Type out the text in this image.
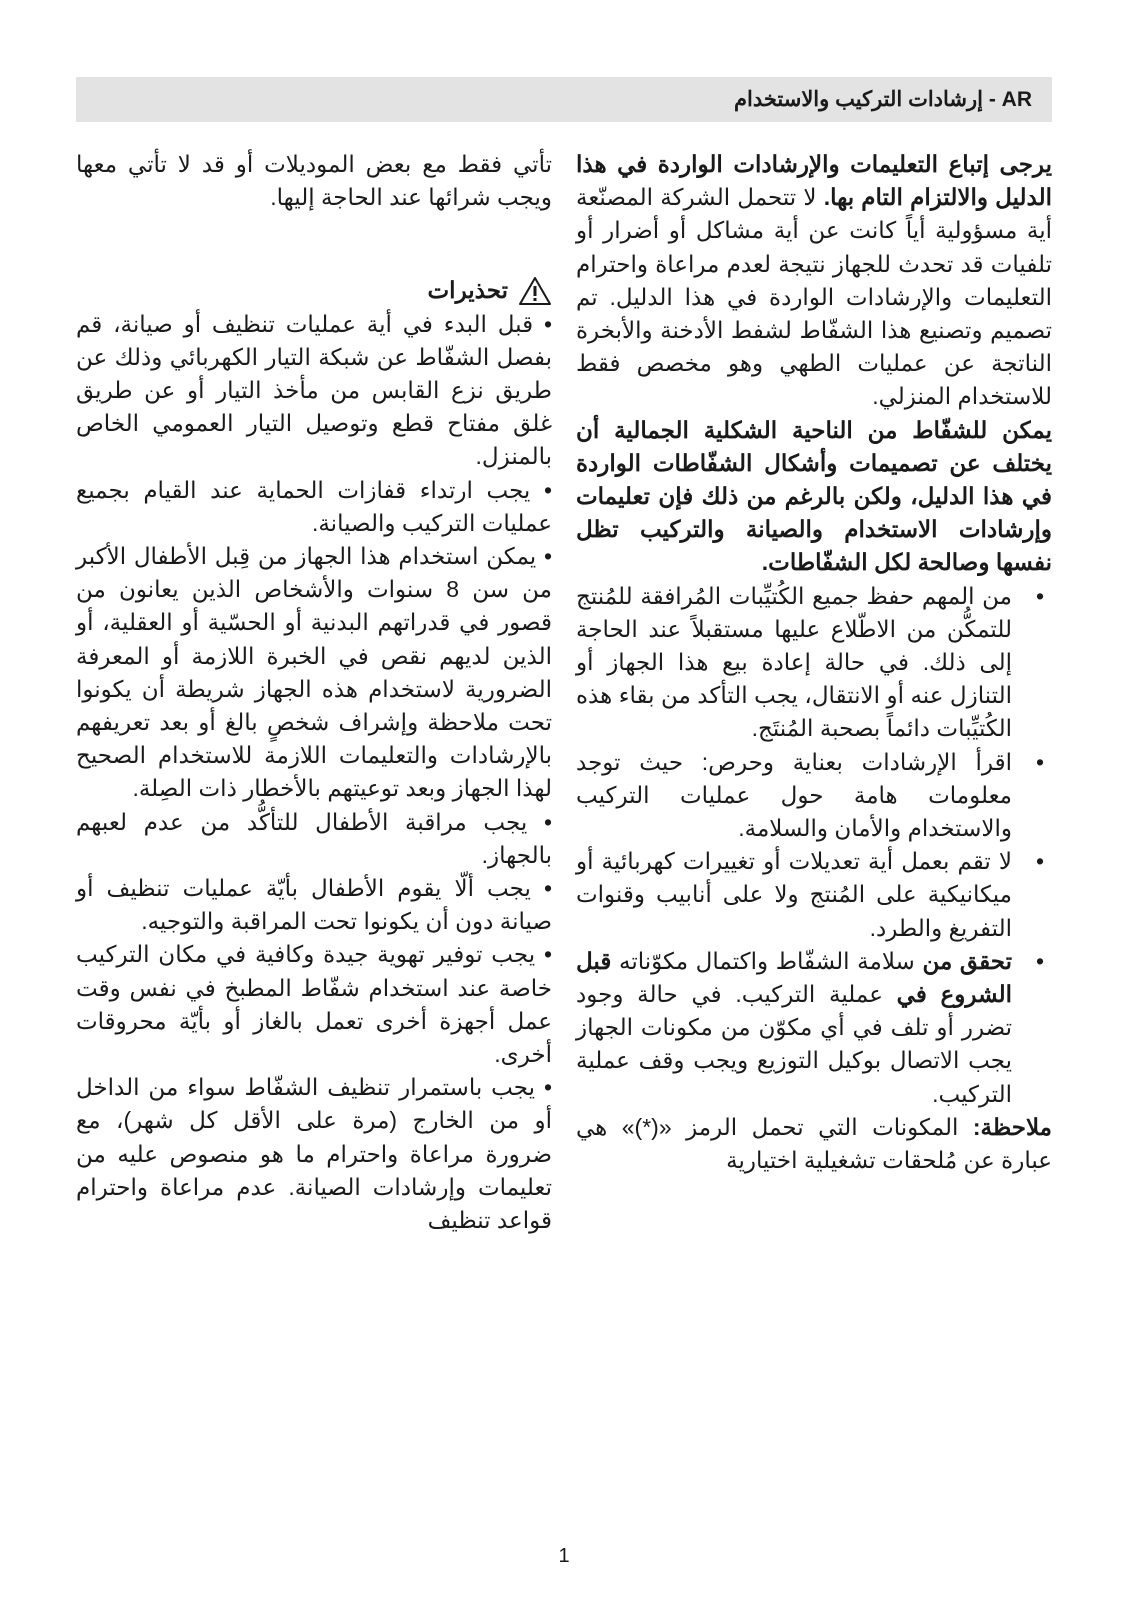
AR - إرشادات التركيب والاستخدام

يرجى إتباع التعليمات والإرشادات الواردة في هذا الدليل والالتزام التام بها. لا تتحمل الشركة المصنّعة أية مسؤولية أياً كانت عن أية مشاكل أو أضرار أو تلفيات قد تحدث للجهاز نتيجة لعدم مراعاة واحترام التعليمات والإرشادات الواردة في هذا الدليل. تم تصميم وتصنيع هذا الشفّاط لشفط الأدخنة والأبخرة الناتجة عن عمليات الطهي وهو مخصص فقط للاستخدام المنزلي.

يمكن للشفّاط من الناحية الشكلية الجمالية أن يختلف عن تصميمات وأشكال الشفّاطات الواردة في هذا الدليل، ولكن بالرغم من ذلك فإن تعليمات وإرشادات الاستخدام والصيانة والتركيب تظل نفسها وصالحة لكل الشفّاطات.

•
من المهم حفظ جميع الكُتيِّبات المُرافقة للمُنتج للتمكُّن من الاطّلاع عليها مستقبلاً عند الحاجة إلى ذلك. في حالة إعادة بيع هذا الجهاز أو التنازل عنه أو الانتقال، يجب التأكد من بقاء هذه الكُتيِّبات دائماً بصحبة المُنتَج.
•
اقرأ الإرشادات بعناية وحرص: حيث توجد معلومات هامة حول عمليات التركيب والاستخدام والأمان والسلامة.
•
لا تقم بعمل أية تعديلات أو تغييرات كهربائية أو ميكانيكية على المُنتج ولا على أنابيب وقنوات التفريغ والطرد.
•
تحقق من سلامة الشفّاط واكتمال مكوّناته قبل الشروع في عملية التركيب. في حالة وجود تضرر أو تلف في أي مكوّن من مكونات الجهاز يجب الاتصال بوكيل التوزيع ويجب وقف عملية التركيب.

ملاحظة: المكونات التي تحمل الرمز «(*)» هي عبارة عن مُلحقات تشغيلية اختيارية

تأتي فقط مع بعض الموديلات أو قد لا تأتي معها ويجب شرائها عند الحاجة إليها.

تحذيرات

• قبل البدء في أية عمليات تنظيف أو صيانة، قم بفصل الشفّاط عن شبكة التيار الكهربائي وذلك عن طريق نزع القابس من مأخذ التيار أو عن طريق غلق مفتاح قطع وتوصيل التيار العمومي الخاص بالمنزل.

• يجب ارتداء قفازات الحماية عند القيام بجميع عمليات التركيب والصيانة.

• يمكن استخدام هذا الجهاز من قِبل الأطفال الأكبر من سن 8 سنوات والأشخاص الذين يعانون من قصور في قدراتهم البدنية أو الحسّية أو العقلية، أو الذين لديهم نقص في الخبرة اللازمة أو المعرفة الضرورية لاستخدام هذه الجهاز شريطة أن يكونوا تحت ملاحظة وإشراف شخصٍ بالغ أو بعد تعريفهم بالإرشادات والتعليمات اللازمة للاستخدام الصحيح لهذا الجهاز وبعد توعيتهم بالأخطار ذات الصِلة.

• يجب مراقبة الأطفال للتأكُّد من عدم لعبهم بالجهاز.

• يجب ألّا يقوم الأطفال بأيّة عمليات تنظيف أو صيانة دون أن يكونوا تحت المراقبة والتوجيه.

• يجب توفير تهوية جيدة وكافية في مكان التركيب خاصة عند استخدام شفّاط المطبخ في نفس وقت عمل أجهزة أخرى تعمل بالغاز أو بأيّة محروقات أخرى.

• يجب باستمرار تنظيف الشفّاط سواء من الداخل أو من الخارج (مرة على الأقل كل شهر)، مع ضرورة مراعاة واحترام ما هو منصوص عليه من تعليمات وإرشادات الصيانة. عدم مراعاة واحترام قواعد تنظيف

1
